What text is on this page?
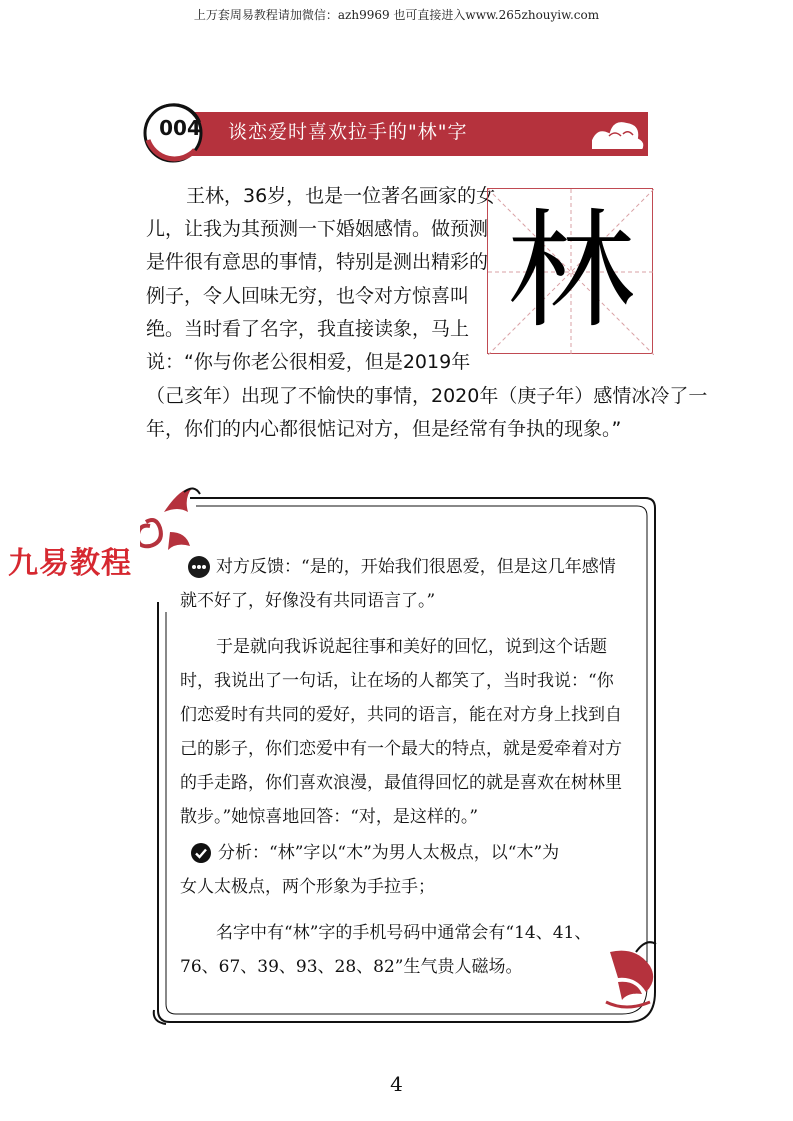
上万套周易教程请加微信：azh9969 也可直接进入www.265zhouyiw.com
004	谈恋爱时喜欢拉手的"林"字
王林，36岁，也是一位著名画家的女
儿，让我为其预测一下婚姻感情。做预测
是件很有意思的事情，特别是测出精彩的
例子，令人回味无穷，也令对方惊喜叫
绝。当时看了名字，我直接读象，马上
说：“你与你老公很相爱，但是2019年
（己亥年）出现了不愉快的事情，2020年（庚子年）感情冰冷了一
年，你们的内心都很惦记对方，但是经常有争执的现象。”
林
九易教程	对方反馈：“是的，开始我们很恩爱，但是这几年感情
就不好了，好像没有共同语言了。”
于是就向我诉说起往事和美好的回忆，说到这个话题
时，我说出了一句话，让在场的人都笑了，当时我说：“你
们恋爱时有共同的爱好，共同的语言，能在对方身上找到自
己的影子，你们恋爱中有一个最大的特点，就是爱牵着对方
的手走路，你们喜欢浪漫，最值得回忆的就是喜欢在树林里
散步。”她惊喜地回答：“对，是这样的。”
分析：“林”字以“木”为男人太极点，以“木”为
女人太极点，两个形象为手拉手；
名字中有“林”字的手机号码中通常会有“14、41、
76、67、39、93、28、82”生气贵人磁场。
4
